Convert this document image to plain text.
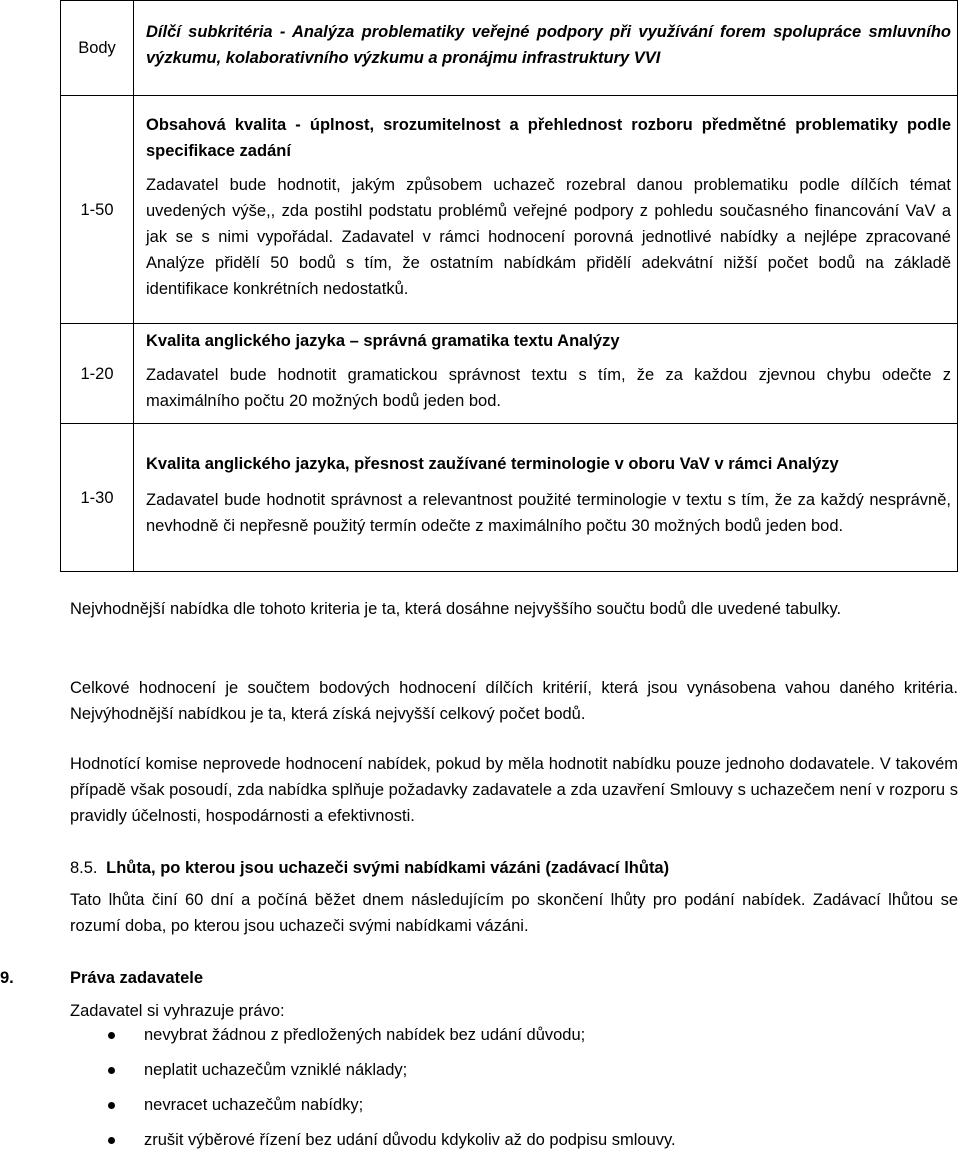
Body	Dílčí subkritéria - Analýza problematiky veřejné podpory při využívání forem spolupráce smluvního výzkumu, kolaborativního výzkumu a pronájmu infrastruktury VVI

1-50	Obsahová kvalita - úplnost, srozumitelnost a přehlednost rozboru předmětné problematiky podle specifikace zadání

Zadavatel bude hodnotit, jakým způsobem uchazeč rozebral danou problematiku podle dílčích témat uvedených výše,, zda postihl podstatu problémů veřejné podpory z pohledu současného financování VaV a jak se s nimi vypořádal. Zadavatel v rámci hodnocení porovná jednotlivé nabídky a nejlépe zpracované Analýze přidělí 50 bodů s tím, že ostatním nabídkám přidělí adekvátní nižší počet bodů na základě identifikace konkrétních nedostatků.

1-20	Kvalita anglického jazyka – správná gramatika textu Analýzy

Zadavatel bude hodnotit gramatickou správnost textu s tím, že za každou zjevnou chybu odečte z maximálního počtu 20 možných bodů jeden bod.

1-30	Kvalita anglického jazyka, přesnost zaužívané terminologie v oboru VaV v rámci Analýzy

Zadavatel bude hodnotit správnost a relevantnost použité terminologie v textu s tím, že za každý nesprávně, nevhodně či nepřesně použitý termín odečte z maximálního počtu 30 možných bodů jeden bod.

Nejvhodnější nabídka dle tohoto kriteria je ta, která dosáhne nejvyššího součtu bodů dle uvedené tabulky.

Celkové hodnocení je součtem bodových hodnocení dílčích kritérií, která jsou vynásobena vahou daného kritéria. Nejvýhodnější nabídkou je ta, která získá nejvyšší celkový počet bodů.

Hodnotící komise neprovede hodnocení nabídek, pokud by měla hodnotit nabídku pouze jednoho dodavatele. V takovém případě však posoudí, zda nabídka splňuje požadavky zadavatele a zda uzavření Smlouvy s uchazečem není v rozporu s pravidly účelnosti, hospodárnosti a efektivnosti.

8.5. Lhůta, po kterou jsou uchazeči svými nabídkami vázáni (zadávací lhůta)

Tato lhůta činí 60 dní a počíná běžet dnem následujícím po skončení lhůty pro podání nabídek. Zadávací lhůtou se rozumí doba, po kterou jsou uchazeči svými nabídkami vázáni.

9.	Práva zadavatele

Zadavatel si vyhrazuje právo:

nevybrat žádnou z předložených nabídek bez udání důvodu;
neplatit uchazečům vzniklé náklady;
nevracet uchazečům nabídky;
zrušit výběrové řízení bez udání důvodu kdykoliv až do podpisu smlouvy.
